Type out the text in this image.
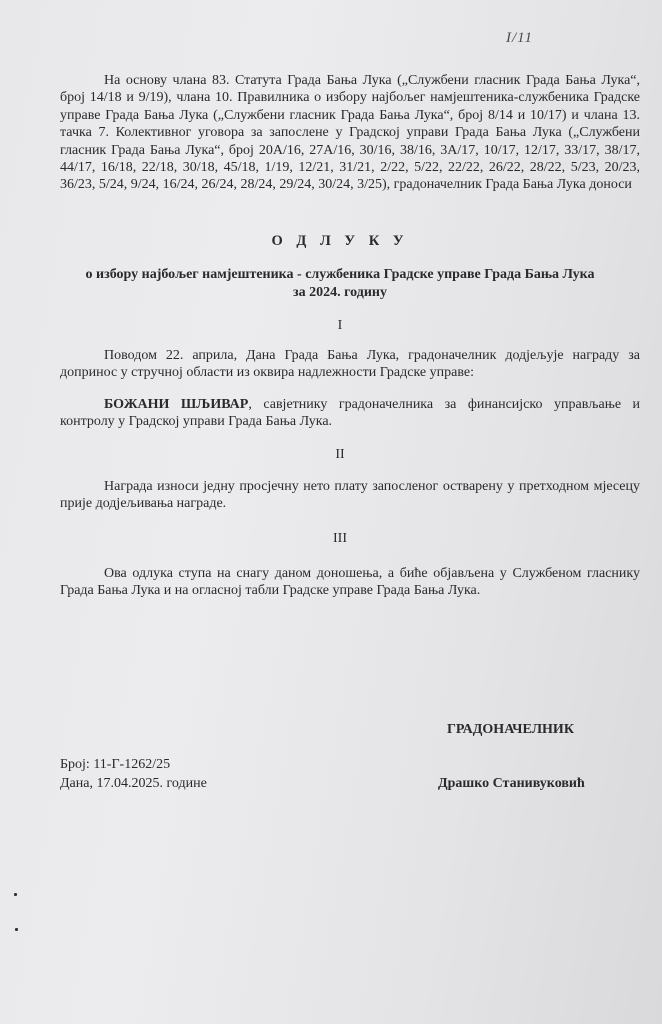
I/11
На основу члана 83. Статута Града Бања Лука („Службени гласник Града Бања Лука“, број 14/18 и 9/19), члана 10. Правилника о избору најбољег намјештеника-службеника Градске управе Града Бања Лука („Службени гласник Града Бања Лука“, број 8/14 и 10/17) и члана 13. тачка 7. Колективног уговора за запослене у Градској управи Града Бања Лука („Службени гласник Града Бања Лука“, број 20А/16, 27А/16, 30/16, 38/16, 3А/17, 10/17, 12/17, 33/17, 38/17, 44/17, 16/18, 22/18, 30/18, 45/18, 1/19, 12/21, 31/21, 2/22, 5/22, 22/22, 26/22, 28/22, 5/23, 20/23, 36/23, 5/24, 9/24, 16/24, 26/24, 28/24, 29/24, 30/24, 3/25), градоначелник Града Бања Лука доноси
О Д Л У К У
о избору најбољег намјештеника - службеника Градске управе Града Бања Лука
за 2024. годину
I
Поводом 22. априла, Дана Града Бања Лука, градоначелник додјељује награду за допринос у стручној области из оквира надлежности Градске управе:
БОЖАНИ ШЉИВАР, савјетнику градоначелника за финансијско управљање и контролу у Градској управи Града Бања Лука.
II
Награда износи једну просјечну нето плату запосленог остварену у претходном мјесецу прије додјељивања награде.
III
Ова одлука ступа на снагу даном доношења, а биће објављена у Службеном гласнику Града Бања Лука и на огласној табли Градске управе Града Бања Лука.
ГРАДОНАЧЕЛНИК
Број: 11-Г-1262/25
Дана, 17.04.2025. године	Драшко Станивуковић
